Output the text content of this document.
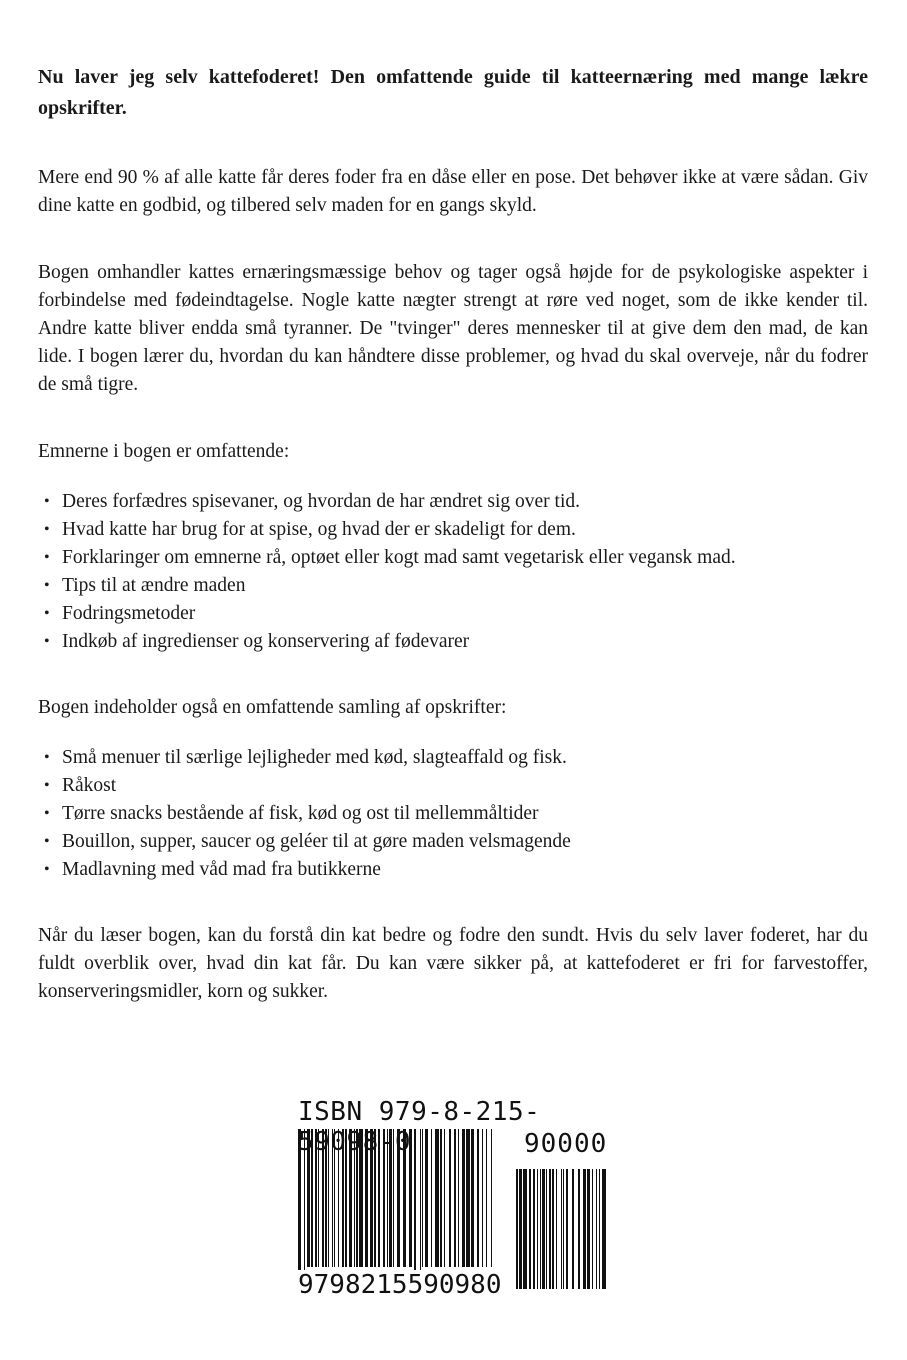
Nu laver jeg selv kattefoderet! Den omfattende guide til katteernæring med mange lækre opskrifter.

Mere end 90 % af alle katte får deres foder fra en dåse eller en pose. Det behøver ikke at være sådan. Giv dine katte en godbid, og tilbered selv maden for en gangs skyld.

Bogen omhandler kattes ernæringsmæssige behov og tager også højde for de psykologiske aspekter i forbindelse med fødeindtagelse. Nogle katte nægter strengt at røre ved noget, som de ikke kender til. Andre katte bliver endda små tyranner. De "tvinger" deres mennesker til at give dem den mad, de kan lide. I bogen lærer du, hvordan du kan håndtere disse problemer, og hvad du skal overveje, når du fodrer de små tigre.

Emnerne i bogen er omfattende:

• Deres forfædres spisevaner, og hvordan de har ændret sig over tid.
• Hvad katte har brug for at spise, og hvad der er skadeligt for dem.
• Forklaringer om emnerne rå, optøet eller kogt mad samt vegetarisk eller vegansk mad.
• Tips til at ændre maden
• Fodringsmetoder
• Indkøb af ingredienser og konservering af fødevarer

Bogen indeholder også en omfattende samling af opskrifter:

• Små menuer til særlige lejligheder med kød, slagteaffald og fisk.
• Råkost
• Tørre snacks bestående af fisk, kød og ost til mellemmåltider
• Bouillon, supper, saucer og geléer til at gøre maden velsmagende
• Madlavning med våd mad fra butikkerne

Når du læser bogen, kan du forstå din kat bedre og fodre den sundt. Hvis du selv laver foderet, har du fuldt overblik over, hvad din kat får. Du kan være sikker på, at kattefoderet er fri for farvestoffer, konserveringsmidler, korn og sukker.

ISBN 979-8-215-59098-0	90000
9798215590980
